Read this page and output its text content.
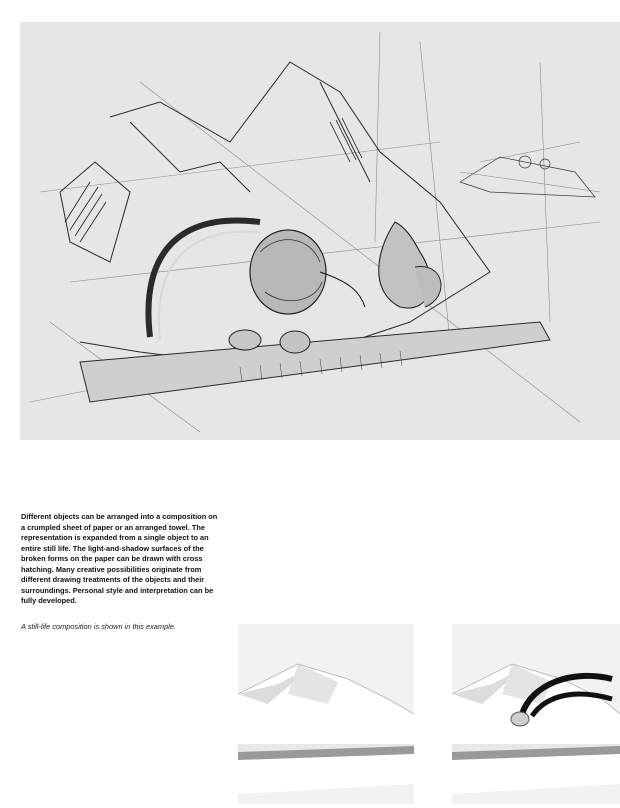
Different objects can be arranged into a composition on a crumpled sheet of paper or an arranged towel. The representation is expanded from a single object to an entire still life. The light-and-shadow surfaces of the broken forms on the paper can be drawn with cross hatching. Many creative possibilities originate from different drawing treatments of the objects and their surroundings. Personal style and interpretation can be fully developed.

A still-life composition is shown in this example.
